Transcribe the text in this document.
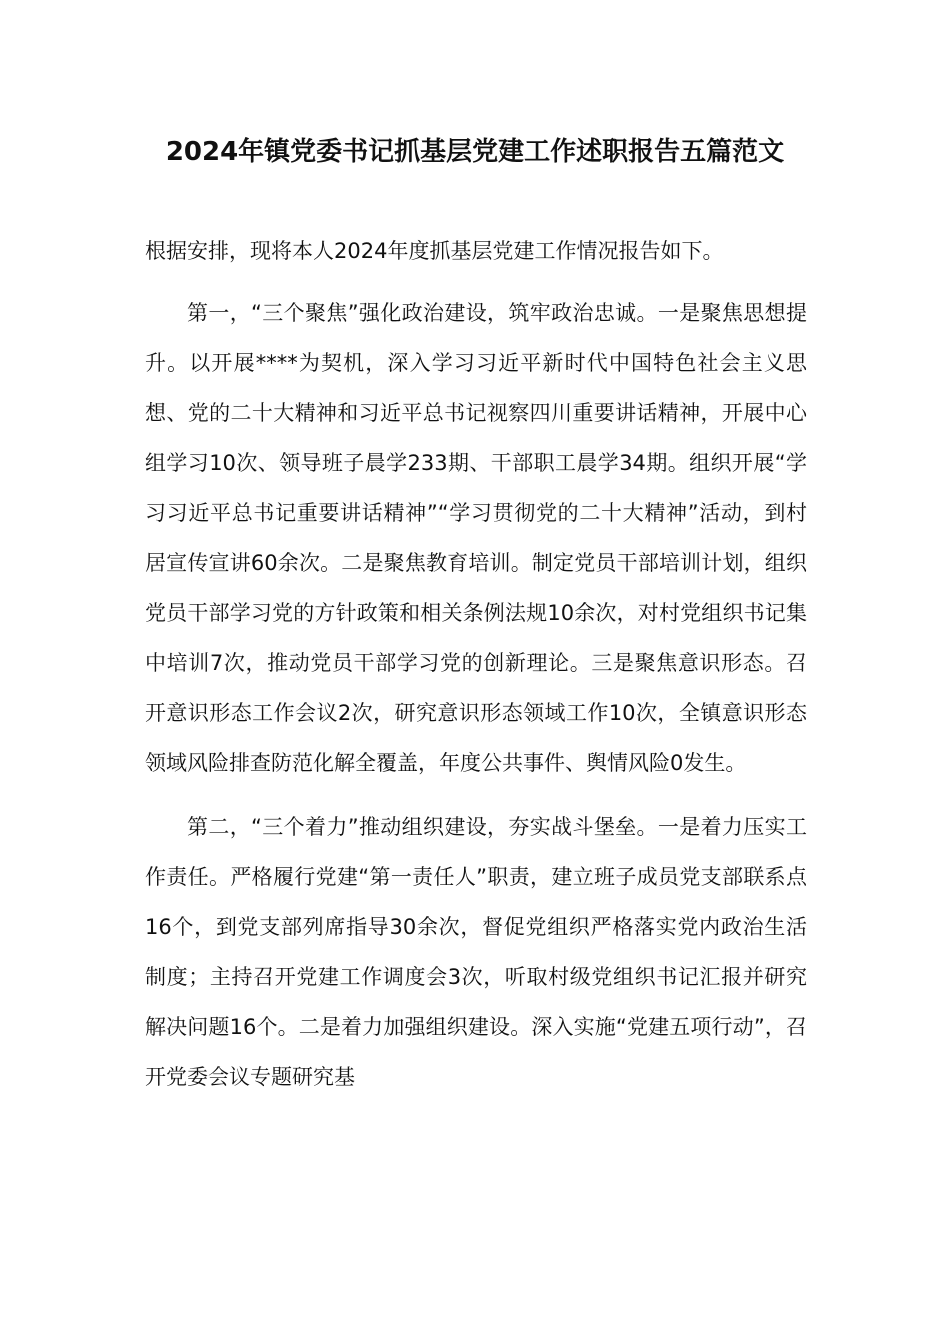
2024年镇党委书记抓基层党建工作述职报告五篇范文

根据安排，现将本人2024年度抓基层党建工作情况报告如下。

第一，“三个聚焦”强化政治建设，筑牢政治忠诚。一是聚焦思想提升。以开展****为契机，深入学习习近平新时代中国特色社会主义思想、党的二十大精神和习近平总书记视察四川重要讲话精神，开展中心组学习10次、领导班子晨学233期、干部职工晨学34期。组织开展“学习习近平总书记重要讲话精神”“学习贯彻党的二十大精神”活动，到村居宣传宣讲60余次。二是聚焦教育培训。制定党员干部培训计划，组织党员干部学习党的方针政策和相关条例法规10余次，对村党组织书记集中培训7次，推动党员干部学习党的创新理论。三是聚焦意识形态。召开意识形态工作会议2次，研究意识形态领域工作10次，全镇意识形态领域风险排查防范化解全覆盖，年度公共事件、舆情风险0发生。

第二，“三个着力”推动组织建设，夯实战斗堡垒。一是着力压实工作责任。严格履行党建“第一责任人”职责，建立班子成员党支部联系点16个，到党支部列席指导30余次，督促党组织严格落实党内政治生活制度；主持召开党建工作调度会3次，听取村级党组织书记汇报并研究解决问题16个。二是着力加强组织建设。深入实施“党建五项行动”，召开党委会议专题研究基
